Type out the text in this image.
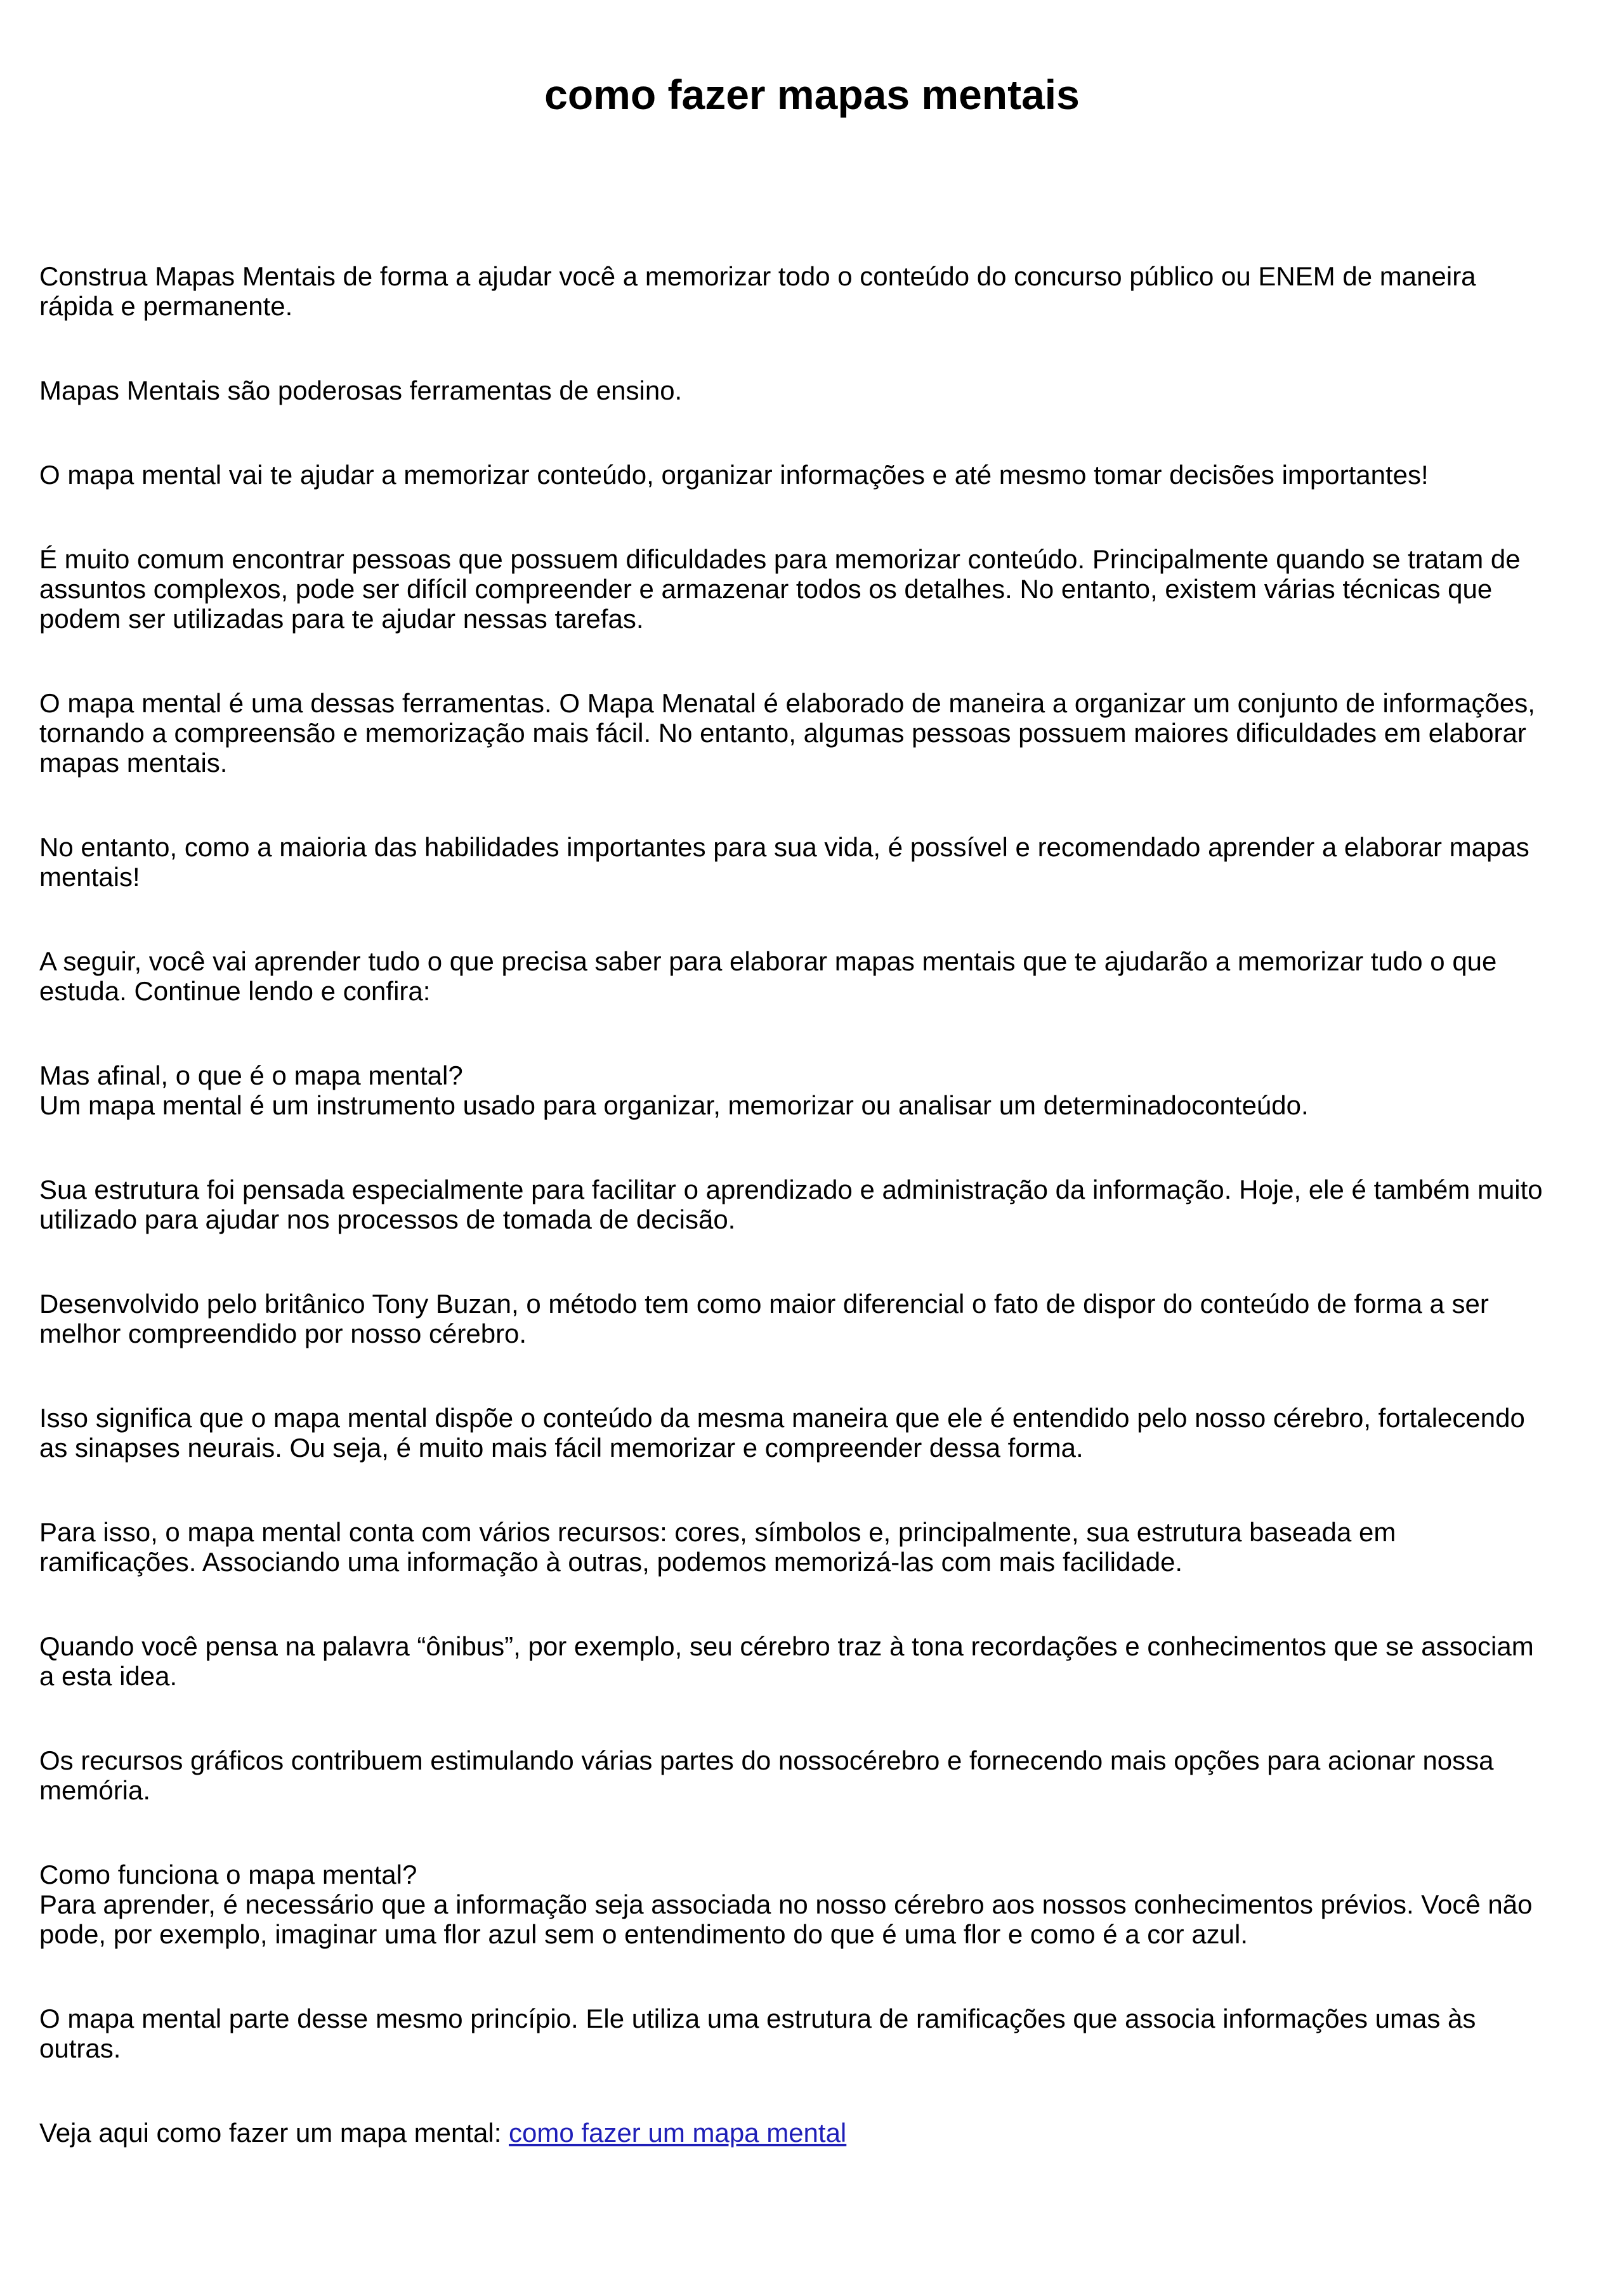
como fazer mapas mentais

Construa Mapas Mentais de forma a ajudar você a memorizar todo o conteúdo do concurso público ou ENEM de maneira
rápida e permanente.

Mapas Mentais são poderosas ferramentas de ensino.

O mapa mental vai te ajudar a memorizar conteúdo, organizar informações e até mesmo tomar decisões importantes!

É muito comum encontrar pessoas que possuem dificuldades para memorizar conteúdo. Principalmente quando se tratam de
assuntos complexos, pode ser difícil compreender e armazenar todos os detalhes. No entanto, existem várias técnicas que
podem ser utilizadas para te ajudar nessas tarefas.

O mapa mental é uma dessas ferramentas. O Mapa Menatal é elaborado de maneira a organizar um conjunto de informações,
tornando a compreensão e memorização mais fácil. No entanto, algumas pessoas possuem maiores dificuldades em elaborar
mapas mentais.

No entanto, como a maioria das habilidades importantes para sua vida, é possível e recomendado aprender a elaborar mapas
mentais!

A seguir, você vai aprender tudo o que precisa saber para elaborar mapas mentais que te ajudarão a memorizar tudo o que
estuda. Continue lendo e confira:

Mas afinal, o que é o mapa mental?
Um mapa mental é um instrumento usado para organizar, memorizar ou analisar um determinadoconteúdo.

Sua estrutura foi pensada especialmente para facilitar o aprendizado e administração da informação. Hoje, ele é também muito
utilizado para ajudar nos processos de tomada de decisão.

Desenvolvido pelo britânico Tony Buzan, o método tem como maior diferencial o fato de dispor do conteúdo de forma a ser
melhor compreendido por nosso cérebro.

Isso significa que o mapa mental dispõe o conteúdo da mesma maneira que ele é entendido pelo nosso cérebro, fortalecendo
as sinapses neurais. Ou seja, é muito mais fácil memorizar e compreender dessa forma.

Para isso, o mapa mental conta com vários recursos: cores, símbolos e, principalmente, sua estrutura baseada em
ramificações. Associando uma informação à outras, podemos memorizá-las com mais facilidade.

Quando você pensa na palavra “ônibus”, por exemplo, seu cérebro traz à tona recordações e conhecimentos que se associam
a esta idea.

Os recursos gráficos contribuem estimulando várias partes do nossocérebro e fornecendo mais opções para acionar nossa
memória.

Como funciona o mapa mental?
Para aprender, é necessário que a informação seja associada no nosso cérebro aos nossos conhecimentos prévios. Você não
pode, por exemplo, imaginar uma flor azul sem o entendimento do que é uma flor e como é a cor azul.

O mapa mental parte desse mesmo princípio. Ele utiliza uma estrutura de ramificações que associa informações umas às
outras.

Veja aqui como fazer um mapa mental: como fazer um mapa mental
